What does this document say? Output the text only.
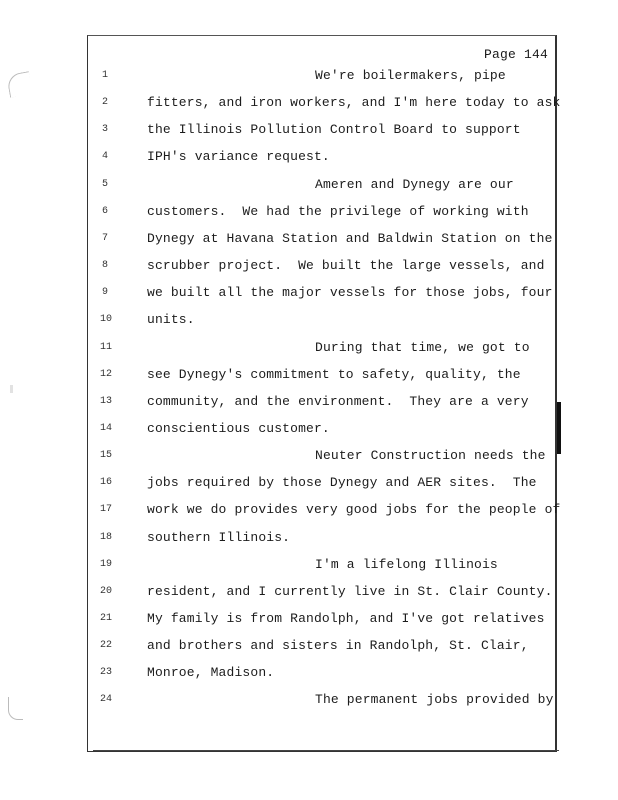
Page 144
1	We're boilermakers, pipe
2	fitters, and iron workers, and I'm here today to ask
3	the Illinois Pollution Control Board to support
4	IPH's variance request.
5	Ameren and Dynegy are our
6	customers.  We had the privilege of working with
7	Dynegy at Havana Station and Baldwin Station on the
8	scrubber project.  We built the large vessels, and
9	we built all the major vessels for those jobs, four
10	units.
11	During that time, we got to
12	see Dynegy's commitment to safety, quality, the
13	community, and the environment.  They are a very
14	conscientious customer.
15	Neuter Construction needs the
16	jobs required by those Dynegy and AER sites.  The
17	work we do provides very good jobs for the people of
18	southern Illinois.
19	I'm a lifelong Illinois
20	resident, and I currently live in St. Clair County.
21	My family is from Randolph, and I've got relatives
22	and brothers and sisters in Randolph, St. Clair,
23	Monroe, Madison.
24	The permanent jobs provided by
